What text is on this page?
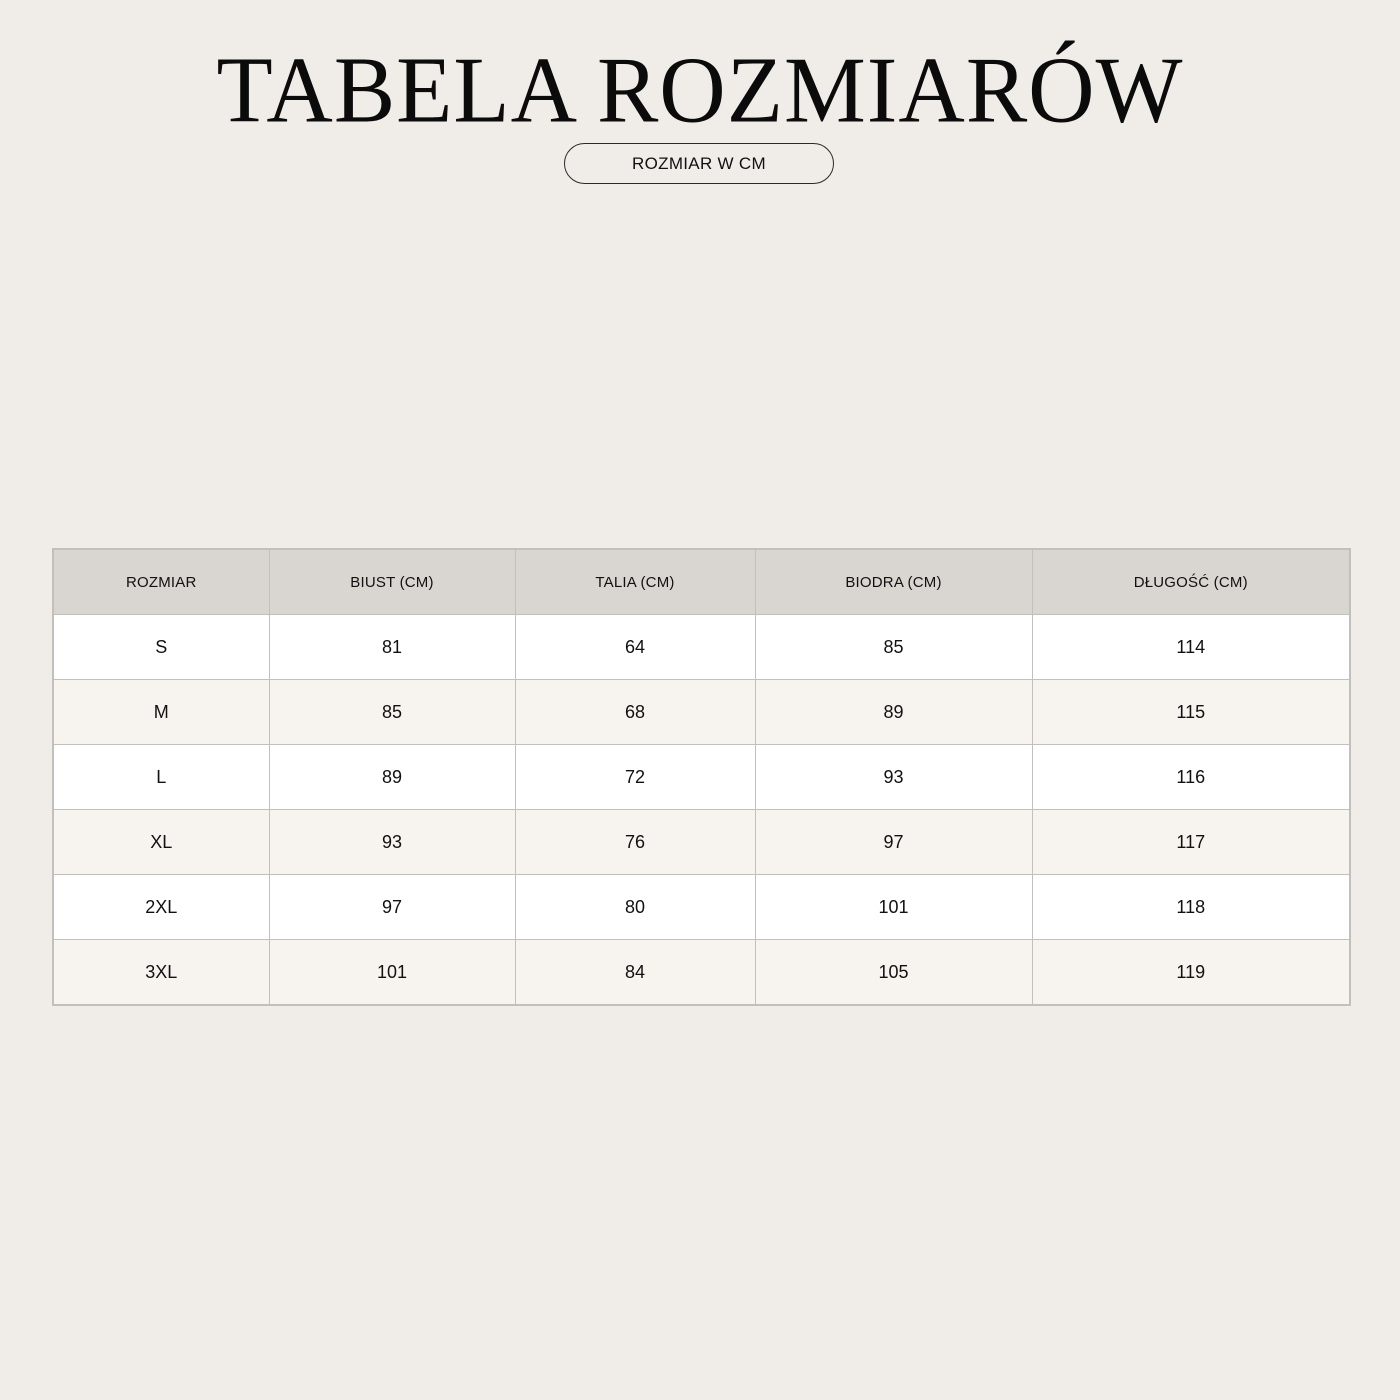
TABELA ROZMIARÓW
ROZMIAR W CM
ROZMIAR	BIUST (CM)	TALIA (CM)	BIODRA (CM)	DŁUGOŚĆ (CM)
S	81	64	85	114
M	85	68	89	115
L	89	72	93	116
XL	93	76	97	117
2XL	97	80	101	118
3XL	101	84	105	119
